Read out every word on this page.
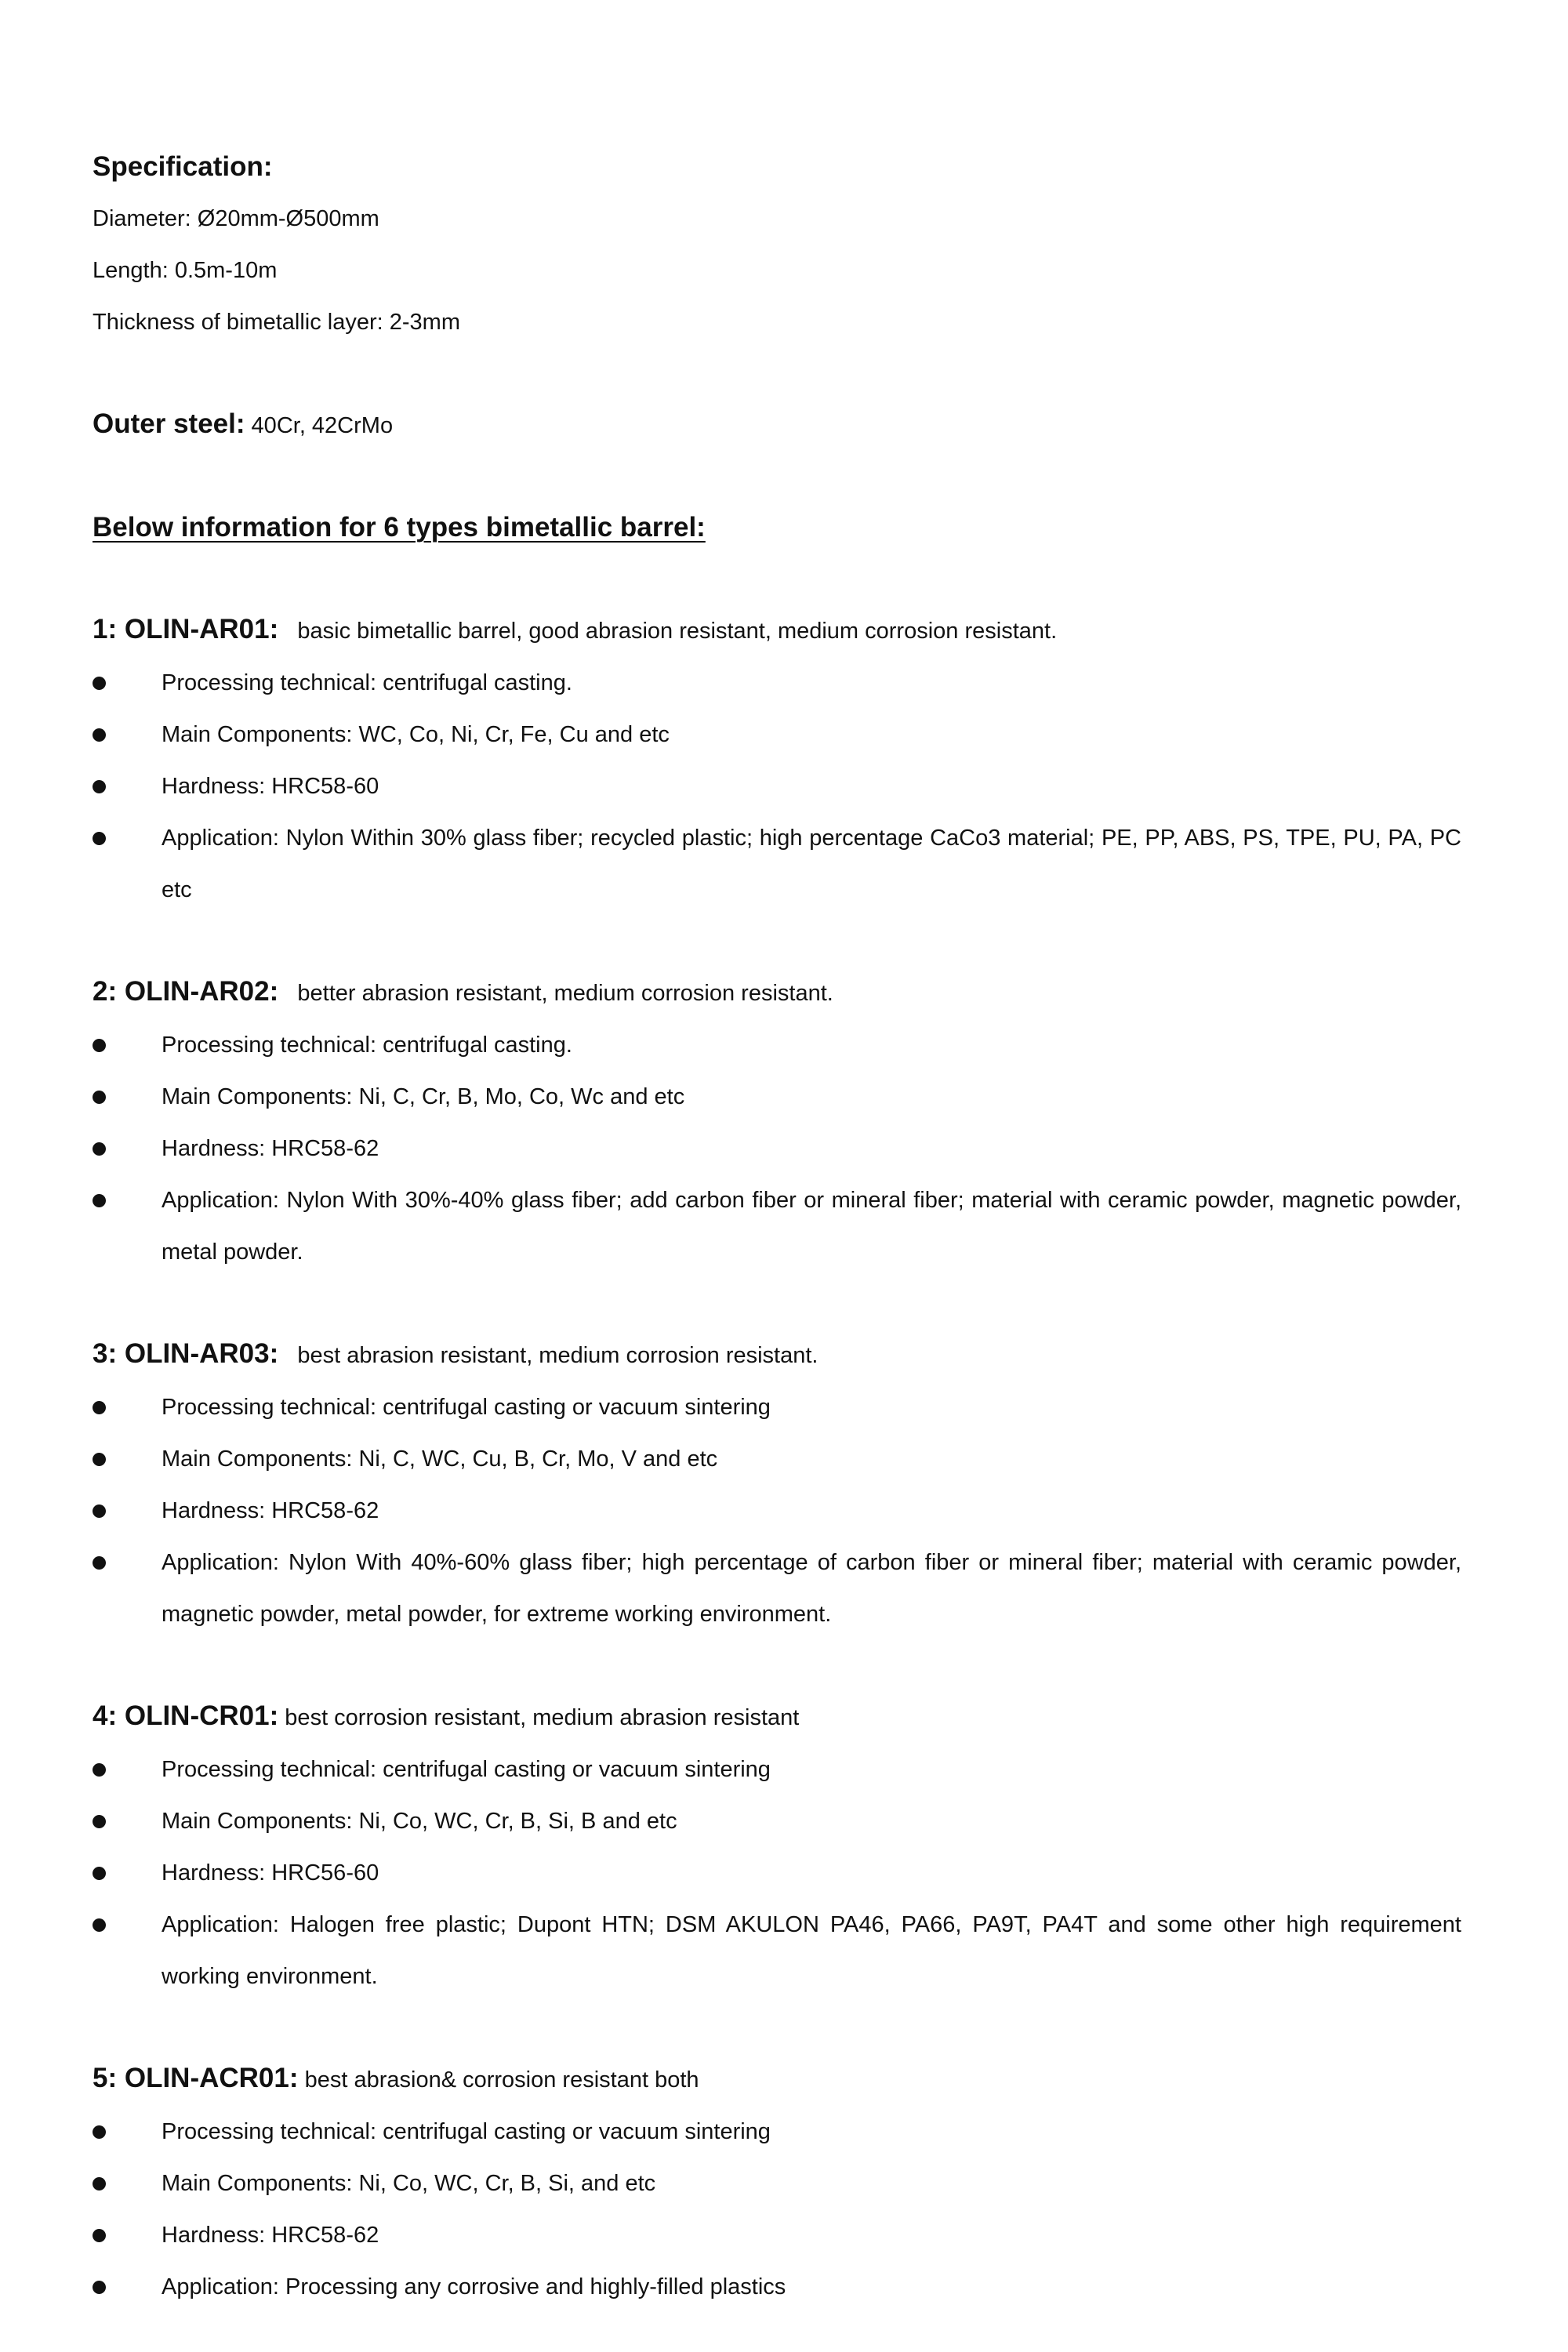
Specification:

Diameter: Ø20mm-Ø500mm

Length: 0.5m-10m

Thickness of bimetallic layer: 2-3mm

Outer steel: 40Cr, 42CrMo

Below information for 6 types bimetallic barrel:

1: OLIN-AR01:   basic bimetallic barrel, good abrasion resistant, medium corrosion resistant.

Processing technical: centrifugal casting.
Main Components: WC, Co, Ni, Cr, Fe, Cu and etc
Hardness: HRC58-60
Application: Nylon Within 30% glass fiber; recycled plastic; high percentage CaCo3 material; PE, PP, ABS, PS, TPE, PU, PA, PC etc

2: OLIN-AR02:   better abrasion resistant, medium corrosion resistant.

Processing technical: centrifugal casting.
Main Components: Ni, C, Cr, B, Mo, Co, Wc and etc
Hardness: HRC58-62
Application: Nylon With 30%-40% glass fiber; add carbon fiber or mineral fiber; material with ceramic powder, magnetic powder, metal powder.

3: OLIN-AR03:   best abrasion resistant, medium corrosion resistant.

Processing technical: centrifugal casting or vacuum sintering
Main Components: Ni, C, WC, Cu, B, Cr, Mo, V and etc
Hardness: HRC58-62
Application: Nylon With 40%-60% glass fiber; high percentage of carbon fiber or mineral fiber; material with ceramic powder, magnetic powder, metal powder, for extreme working environment.

4: OLIN-CR01: best corrosion resistant, medium abrasion resistant

Processing technical: centrifugal casting or vacuum sintering
Main Components: Ni, Co, WC, Cr, B, Si, B and etc
Hardness: HRC56-60
Application: Halogen free plastic; Dupont HTN; DSM AKULON PA46, PA66, PA9T, PA4T and some other high requirement working environment.

5: OLIN-ACR01: best abrasion& corrosion resistant both

Processing technical: centrifugal casting or vacuum sintering
Main Components: Ni, Co, WC, Cr, B, Si, and etc
Hardness: HRC58-62
Application: Processing any corrosive and highly-filled plastics
